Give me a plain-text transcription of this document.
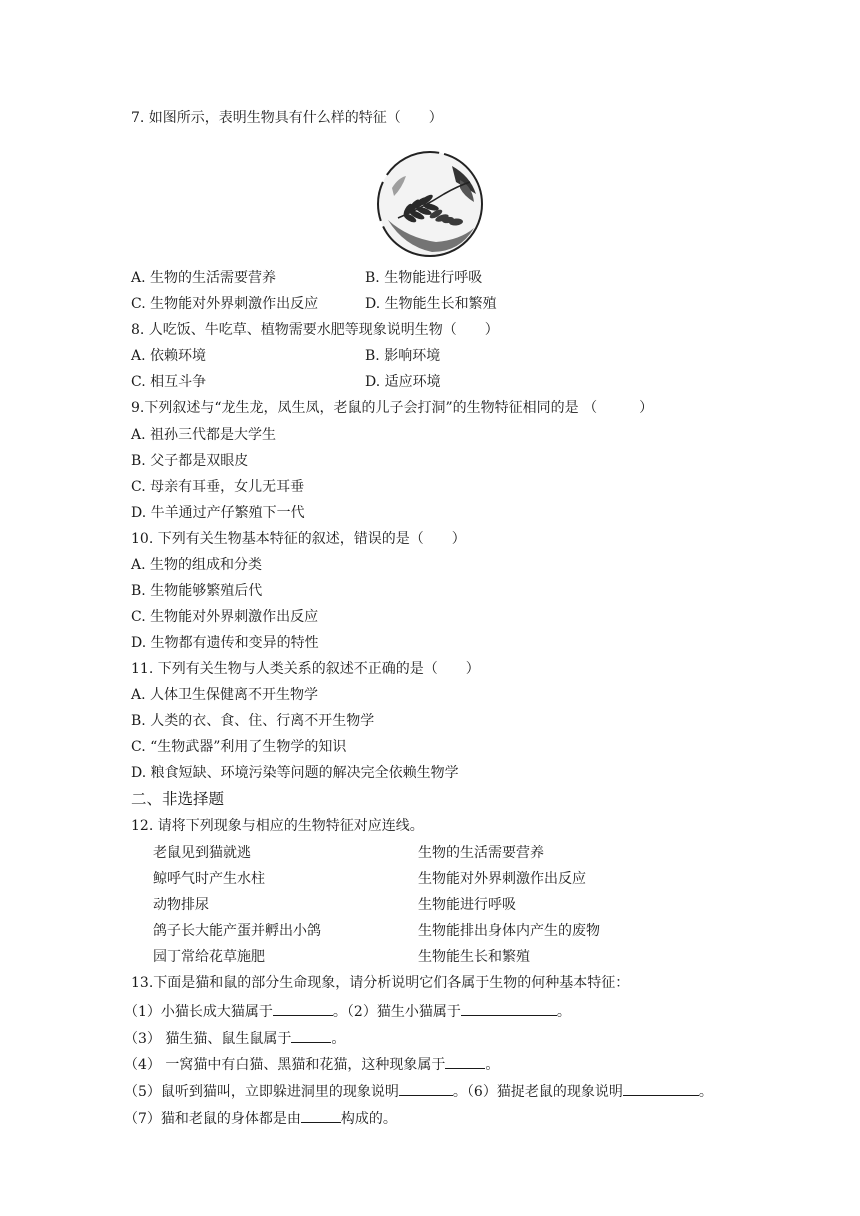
7. 如图所示，表明生物具有什么样的特征（　　）
A. 生物的生活需要营养	B. 生物能进行呼吸
C. 生物能对外界刺激作出反应	D. 生物能生长和繁殖
8. 人吃饭、牛吃草、植物需要水肥等现象说明生物（　　）
A. 依赖环境	B. 影响环境
C. 相互斗争	D. 适应环境
9.下列叙述与“龙生龙，凤生凤，老鼠的儿子会打洞”的生物特征相同的是 （　　　）
A. 祖孙三代都是大学生
B. 父子都是双眼皮
C. 母亲有耳垂，女儿无耳垂
D. 牛羊通过产仔繁殖下一代
10. 下列有关生物基本特征的叙述，错误的是（　　）
A. 生物的组成和分类
B. 生物能够繁殖后代
C. 生物能对外界刺激作出反应
D. 生物都有遗传和变异的特性
11. 下列有关生物与人类关系的叙述不正确的是（　　）
A. 人体卫生保健离不开生物学
B. 人类的衣、食、住、行离不开生物学
C. “生物武器”利用了生物学的知识
D. 粮食短缺、环境污染等问题的解决完全依赖生物学
二、非选择题
12. 请将下列现象与相应的生物特征对应连线。
老鼠见到猫就逃	生物的生活需要营养
鲸呼气时产生水柱	生物能对外界刺激作出反应
动物排尿	生物能进行呼吸
鸽子长大能产蛋并孵出小鸽	生物能排出身体内产生的废物
园丁常给花草施肥	生物能生长和繁殖
13.下面是猫和鼠的部分生命现象，请分析说明它们各属于生物的何种基本特征：
（1）小猫长成大猫属于	。（2）猫生小猫属于	。
（3） 猫生猫、鼠生鼠属于	。
（4） 一窝猫中有白猫、黑猫和花猫，这种现象属于	。
（5）鼠听到猫叫，立即躲进洞里的现象说明	。（6）猫捉老鼠的现象说明	。
（7）猫和老鼠的身体都是由	构成的。
